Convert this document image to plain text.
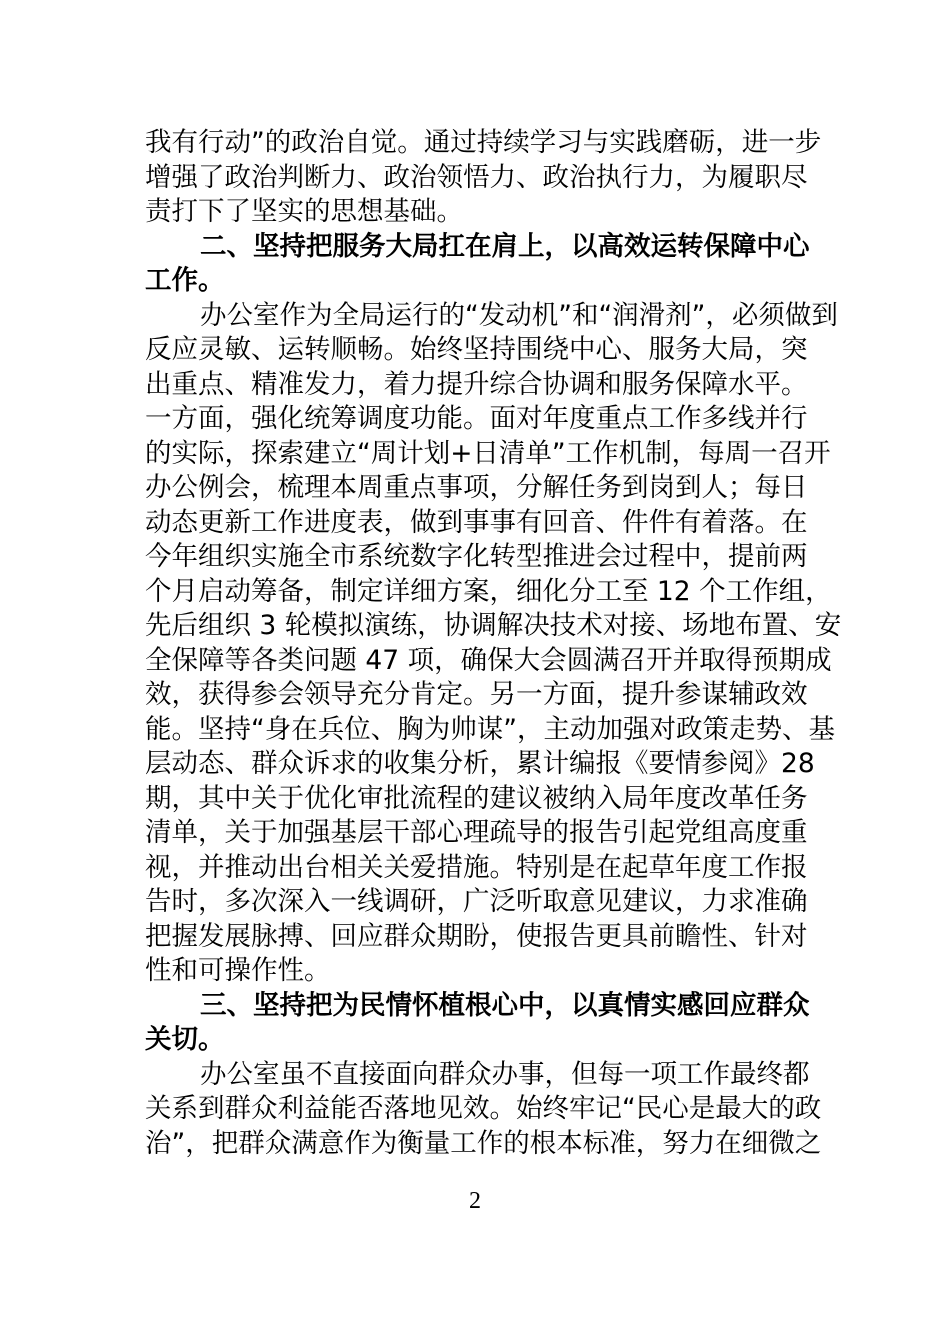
我有行动”的政治自觉。通过持续学习与实践磨砺，进一步
增强了政治判断力、政治领悟力、政治执行力，为履职尽
责打下了坚实的思想基础。
二、坚持把服务大局扛在肩上，以高效运转保障中心
工作。
办公室作为全局运行的“发动机”和“润滑剂”，必须做到
反应灵敏、运转顺畅。始终坚持围绕中心、服务大局，突
出重点、精准发力，着力提升综合协调和服务保障水平。
一方面，强化统筹调度功能。面对年度重点工作多线并行
的实际，探索建立“周计划+日清单”工作机制，每周一召开
办公例会，梳理本周重点事项，分解任务到岗到人；每日
动态更新工作进度表，做到事事有回音、件件有着落。在
今年组织实施全市系统数字化转型推进会过程中，提前两
个月启动筹备，制定详细方案，细化分工至 12 个工作组，
先后组织 3 轮模拟演练，协调解决技术对接、场地布置、安
全保障等各类问题 47 项，确保大会圆满召开并取得预期成
效，获得参会领导充分肯定。另一方面，提升参谋辅政效
能。坚持“身在兵位、胸为帅谋”，主动加强对政策走势、基
层动态、群众诉求的收集分析，累计编报《要情参阅》28
期，其中关于优化审批流程的建议被纳入局年度改革任务
清单，关于加强基层干部心理疏导的报告引起党组高度重
视，并推动出台相关关爱措施。特别是在起草年度工作报
告时，多次深入一线调研，广泛听取意见建议，力求准确
把握发展脉搏、回应群众期盼，使报告更具前瞻性、针对
性和可操作性。
三、坚持把为民情怀植根心中，以真情实感回应群众
关切。
办公室虽不直接面向群众办事，但每一项工作最终都
关系到群众利益能否落地见效。始终牢记“民心是最大的政
治”，把群众满意作为衡量工作的根本标准，努力在细微之
2
